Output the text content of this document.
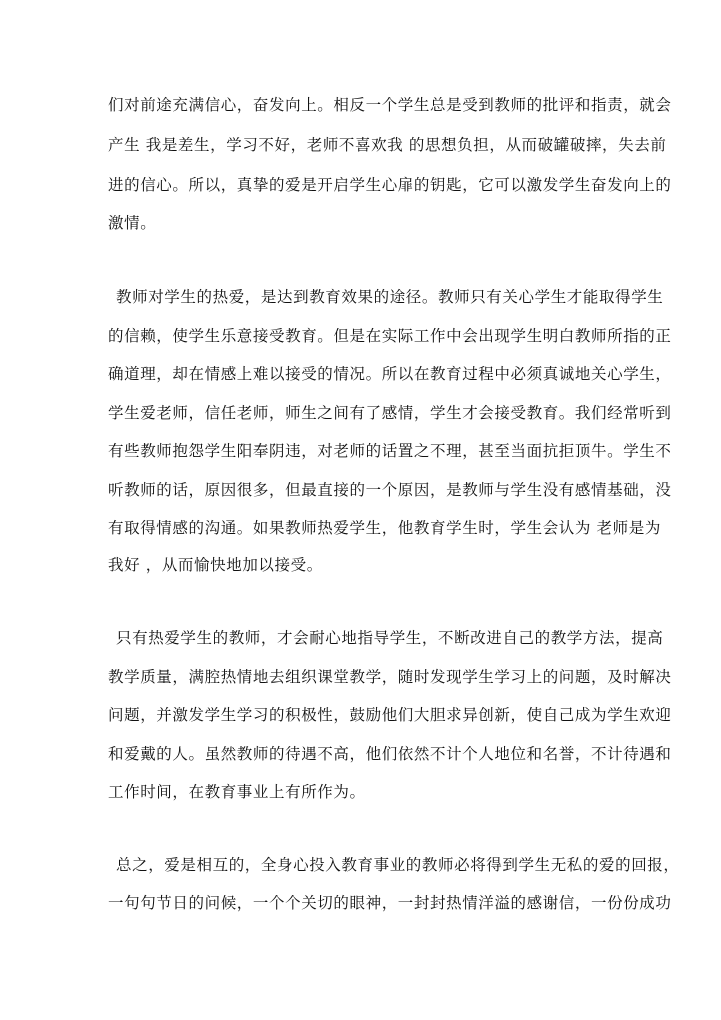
们对前途充满信心，奋发向上。相反一个学生总是受到教师的批评和指责，就会
产生 我是差生，学习不好，老师不喜欢我 的思想负担，从而破罐破摔，失去前
进的信心。所以，真挚的爱是开启学生心扉的钥匙，它可以激发学生奋发向上的
激情。
教师对学生的热爱，是达到教育效果的途径。教师只有关心学生才能取得学生
的信赖，使学生乐意接受教育。但是在实际工作中会出现学生明白教师所指的正
确道理，却在情感上难以接受的情况。所以在教育过程中必须真诚地关心学生，
学生爱老师，信任老师，师生之间有了感情，学生才会接受教育。我们经常听到
有些教师抱怨学生阳奉阴违，对老师的话置之不理，甚至当面抗拒顶牛。学生不
听教师的话，原因很多，但最直接的一个原因，是教师与学生没有感情基础，没
有取得情感的沟通。如果教师热爱学生，他教育学生时，学生会认为 老师是为
我好 ，从而愉快地加以接受。
只有热爱学生的教师，才会耐心地指导学生，不断改进自己的教学方法，提高
教学质量，满腔热情地去组织课堂教学，随时发现学生学习上的问题，及时解决
问题，并激发学生学习的积极性，鼓励他们大胆求异创新，使自己成为学生欢迎
和爱戴的人。虽然教师的待遇不高，他们依然不计个人地位和名誉，不计待遇和
工作时间，在教育事业上有所作为。
总之，爱是相互的，全身心投入教育事业的教师必将得到学生无私的爱的回报，
一句句节日的问候，一个个关切的眼神，一封封热情洋溢的感谢信，一份份成功
